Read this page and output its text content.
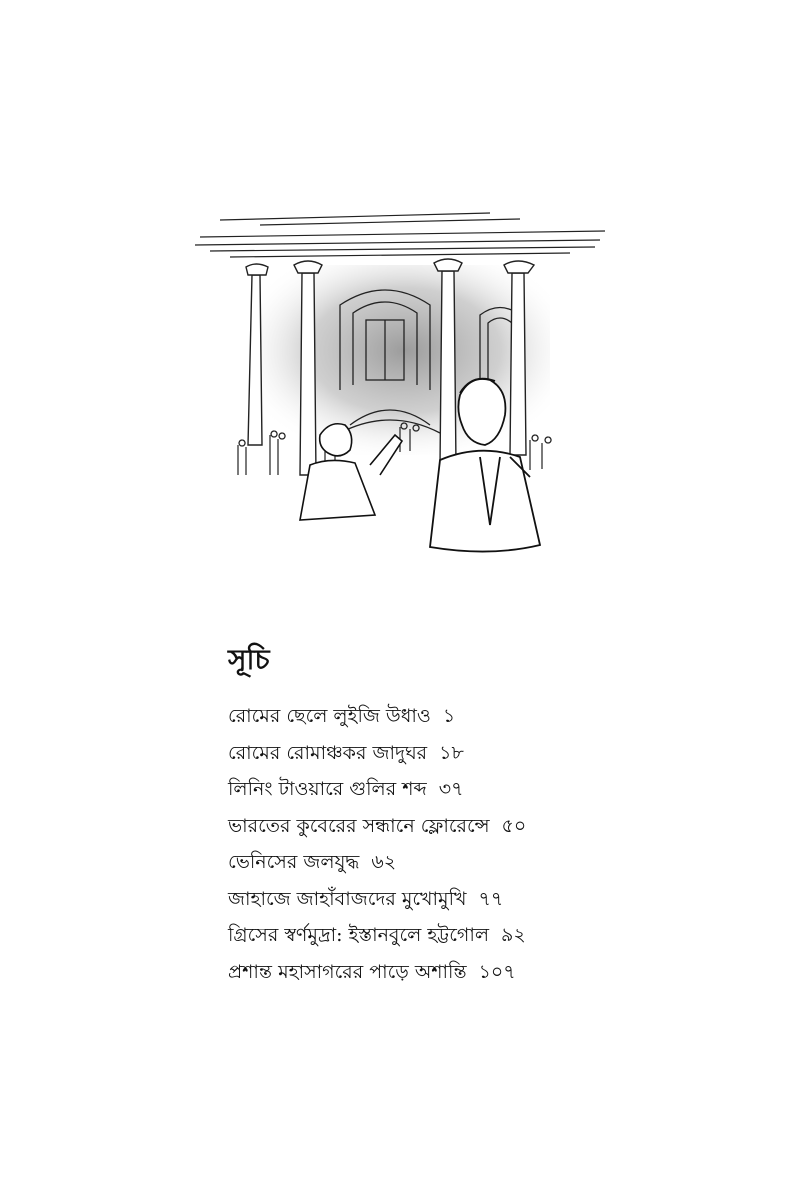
সূচি
রোমের ছেলে লুইজি উধাও ১
রোমের রোমাঞ্চকর জাদুঘর ১৮
লিনিং টাওয়ারে গুলির শব্দ ৩৭
ভারতের কুবেরের সন্ধানে ফ্লোরেন্সে ৫০
ভেনিসের জলযুদ্ধ ৬২
জাহাজে জাহাঁবাজদের মুখোমুখি ৭৭
গ্রিসের স্বর্ণমুদ্রা: ইস্তানবুলে হট্টগোল ৯২
প্রশান্ত মহাসাগরের পাড়ে অশান্তি ১০৭
